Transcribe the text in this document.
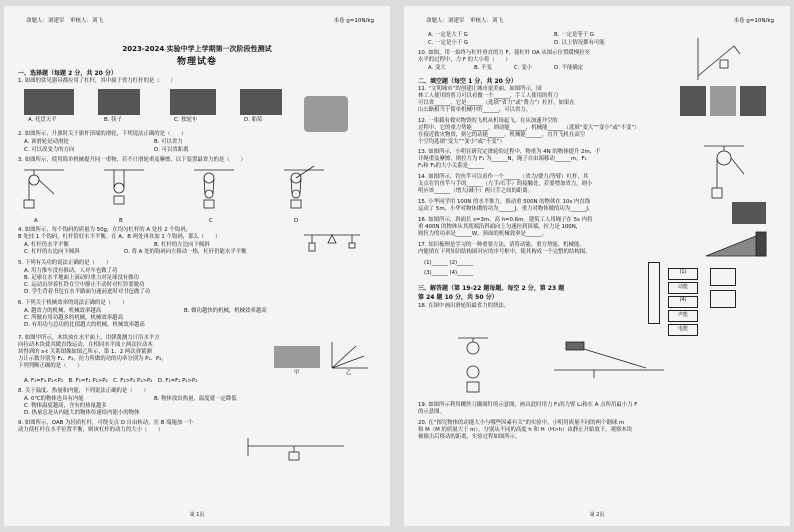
命题人：刘建军　审核人：刘飞	本卷 g=10N/kg
2023-2024 实验中学上学期第一次阶段性测试
物理试卷
一、选择题（每题 2 分，共 20 分）
1. 如图的常见器具都应用了杠杆，其中属于省力杠杆的是（　　）
A. 托盘天平	B. 筷子	C. 独轮车	D. 船桨
2. 如图所示，升旗时关于旗杆顶端的滑轮，下列说法正确的是（　　）
A. 该滑轮是动滑轮	B. 可以省力
C. 可以改变力的方向	D. 可以省距离
3. 如图所示，使用简单机械提升同一重物，若不计滑轮重及摩擦，以下装置最省力的是（　　）
A	B	C	D
4. 如图所示，每个钩码的质量为 50g，在均匀杠杆的 A 处挂 2 个钩码，
B 处挂 1 个钩码，杠杆恰好水平平衡。在 A、B 两处再各加 1 个钩码，那么（　　）
A. 杠杆仍水平平衡	B. 杠杆的左边向下倾斜
C. 杠杆的右边向下倾斜	D. 将 A 处的钩码向左移动一格，杠杆仍能水平平衡
5. 下列有关功的说法正确的是（　　）
A. 用力推车没有推动，人对车也做了功
B. 足球在水平地面上滚动时重力对足球没有做功
C. 运动员举着杠铃在空中静止不动时对杠铃要做功
D. 学生背着书包在水平路面匀速前进时对书包做了功
6. 下列关于机械效率的说法正确的是（　　）
A. 越省力的机械，机械效率越高	B. 做功越快的机械，机械效率越高
C. 所做有用功越多的机械，机械效率越高
D. 有用功与总功的比值越大的机械，机械效率越高
7. 如图甲所示，木块放在水平面上，用弹簧测力计沿水平方
向拉动木块使其做直线运动，在相同水平面上两次拉动木
块得到的 s-t 关系图像如图乙所示，第 1、2 两次弹簧测
力计示数分别为 F₁、F₂，拉力所做的功的功率分别为 P₁、P₂，
下列判断正确的是（　　）
甲	乙
A. F₁=F₂ P₁<P₂　B. F₁=F₂ P₁>P₂　C. F₁>F₂ P₁>P₂　D. F₁=F₂ P₁>P₂
8. 关于温度、热量和内能，下列说法正确的是（　　）
A. 0℃的物体也具有内能	B. 物体放出热量，温度就一定降低
C. 物体温度越高，含有的热量越多
D. 热量总是从内能大的物体传递给内能小的物体
9. 如图所示，OAB 为轻质杠杆，可绕支点 O 自由转动，在 B 端施加一个
动力使杠杆在水平位置平衡，则该杠杆的动力的大小（　　）
第 1页
命题人：刘建军　审核人：刘飞	本卷 g=10N/kg
A. 一定是大于 G	B. 一定是等于 G
C. 一定是小于 G	D. 以上情况都有可能
10. 如图，用一始终与杠杆垂直的力 F，使杠杆 OA 从图示位置缓慢拉至
水平的过程中，力 F 的大小将（　　）
A. 变大	B. 不变	C. 变小	D. 不能确定
二、填空题（每空 1 分，共 20 分）
11. “文明城市”的创建让城市更美丽，如图所示，园
林工人使用的剪刀可以看做一个______，手工人使用的剪刀
可以省______，它是______（选填“省力”或“费力”）杠杆，如果在
山公路相当于简单机械中的______，可以省力。
12. 一架载有救灾物资的飞机从机场起飞，在从加速升空的
过程中，它的重力势能______，则动能______，机械能______（选填“变大”“变小”或“不变”）
在接近救灾物资，则它的动能______，机械能______，直升飞机在高空
个空均选填“变大”“变小”或“不变”）
13. 如图所示，小明在研究定滑轮的过程中，物重为 4N 的物体提升 2m，不
计绳重及摩擦，则拉力为 F₁ 为______N，绳子自由端移动______m，F₁
F₁和 F₂的大小关系是______
14. 如图所示，钓鱼竿可以看作一个______（省力/费力/等臂）杠杆，其
支点在钓鱼竿与手的______（左手/右手）的接触处，若要增加省力，则小
明应该______（增大/减小）两只手之间的距离。
15. 小华同学用 100N 的水平推力，推动重 500N 的物体在 10s 内直线
运动了 5m，小华对物体做的功为______J，重力对物体做的功为______J。
16. 如图所示，斜面长 s=3m，高 h=0.6m。建筑工人用绳子在 5s 内将
重 400N 的物体从其底端沿斜面向上匀速拉到顶端，拉力是 100N，
则拉力的功率是______W，斜面的机械效率是______。
17. 知识梳理是学习的一种重要方法，请将动能、重力势能、机械能、
内能填在下列知识结构图对应的序号框中，使其构成一个完整的结构图。
(1)______ (2)______
(3)______ (4)______	(1)
动能
(4)
声能
电能
三、解答题（第 19-22 题每题、每空 2 分，第 23 题
第 24 题 10 分，共 50 分）
18. 在图中画出滑轮组最省力的绕法。
19. 如图所示利用螺丝刀撬图钉的示意图，画出此时用力 F₁的力臂 L₁和在 A 点所用最小力 F
的示意图。
20. 在“探究物体的动能大小与哪些因素有关”的实验中，小明用质量不同的两个钢球 m
和 M（M 的质量大于 m），分别从不同的高度 h 和 H（H>h）由静止开始放下，观察木块
被撞击后移动的距离，实验过程如图所示。
第 2页
